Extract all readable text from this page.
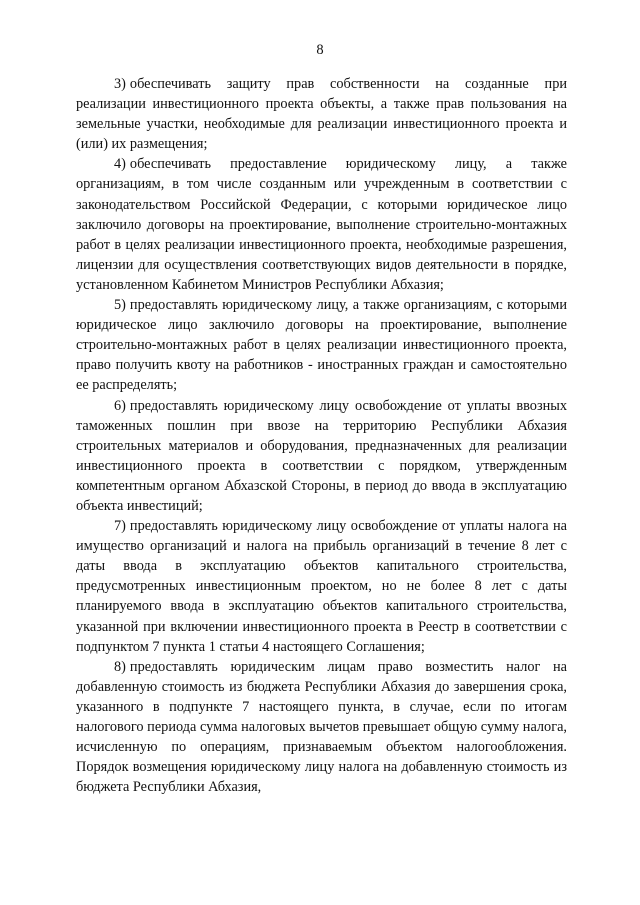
8

3) обеспечивать защиту прав собственности на созданные при реализации инвестиционного проекта объекты, а также прав пользования на земельные участки, необходимые для реализации инвестиционного проекта и (или) их размещения;

4) обеспечивать предоставление юридическому лицу, а также организациям, в том числе созданным или учрежденным в соответствии с законодательством Российской Федерации, с которыми юридическое лицо заключило договоры на проектирование, выполнение строительно-монтажных работ в целях реализации инвестиционного проекта, необходимые разрешения, лицензии для осуществления соответствующих видов деятельности в порядке, установленном Кабинетом Министров Республики Абхазия;

5) предоставлять юридическому лицу, а также организациям, с которыми юридическое лицо заключило договоры на проектирование, выполнение строительно-монтажных работ в целях реализации инвестиционного проекта, право получить квоту на работников - иностранных граждан и самостоятельно ее распределять;

6) предоставлять юридическому лицу освобождение от уплаты ввозных таможенных пошлин при ввозе на территорию Республики Абхазия строительных материалов и оборудования, предназначенных для реализации инвестиционного проекта в соответствии с порядком, утвержденным компетентным органом Абхазской Стороны, в период до ввода в эксплуатацию объекта инвестиций;

7) предоставлять юридическому лицу освобождение от уплаты налога на имущество организаций и налога на прибыль организаций в течение 8 лет с даты ввода в эксплуатацию объектов капитального строительства, предусмотренных инвестиционным проектом, но не более 8 лет с даты планируемого ввода в эксплуатацию объектов капитального строительства, указанной при включении инвестиционного проекта в Реестр в соответствии с подпунктом 7 пункта 1 статьи 4 настоящего Соглашения;

8) предоставлять юридическим лицам право возместить налог на добавленную стоимость из бюджета Республики Абхазия до завершения срока, указанного в подпункте 7 настоящего пункта, в случае, если по итогам налогового периода сумма налоговых вычетов превышает общую сумму налога, исчисленную по операциям, признаваемым объектом налогообложения. Порядок возмещения юридическому лицу налога на добавленную стоимость из бюджета Республики Абхазия,
